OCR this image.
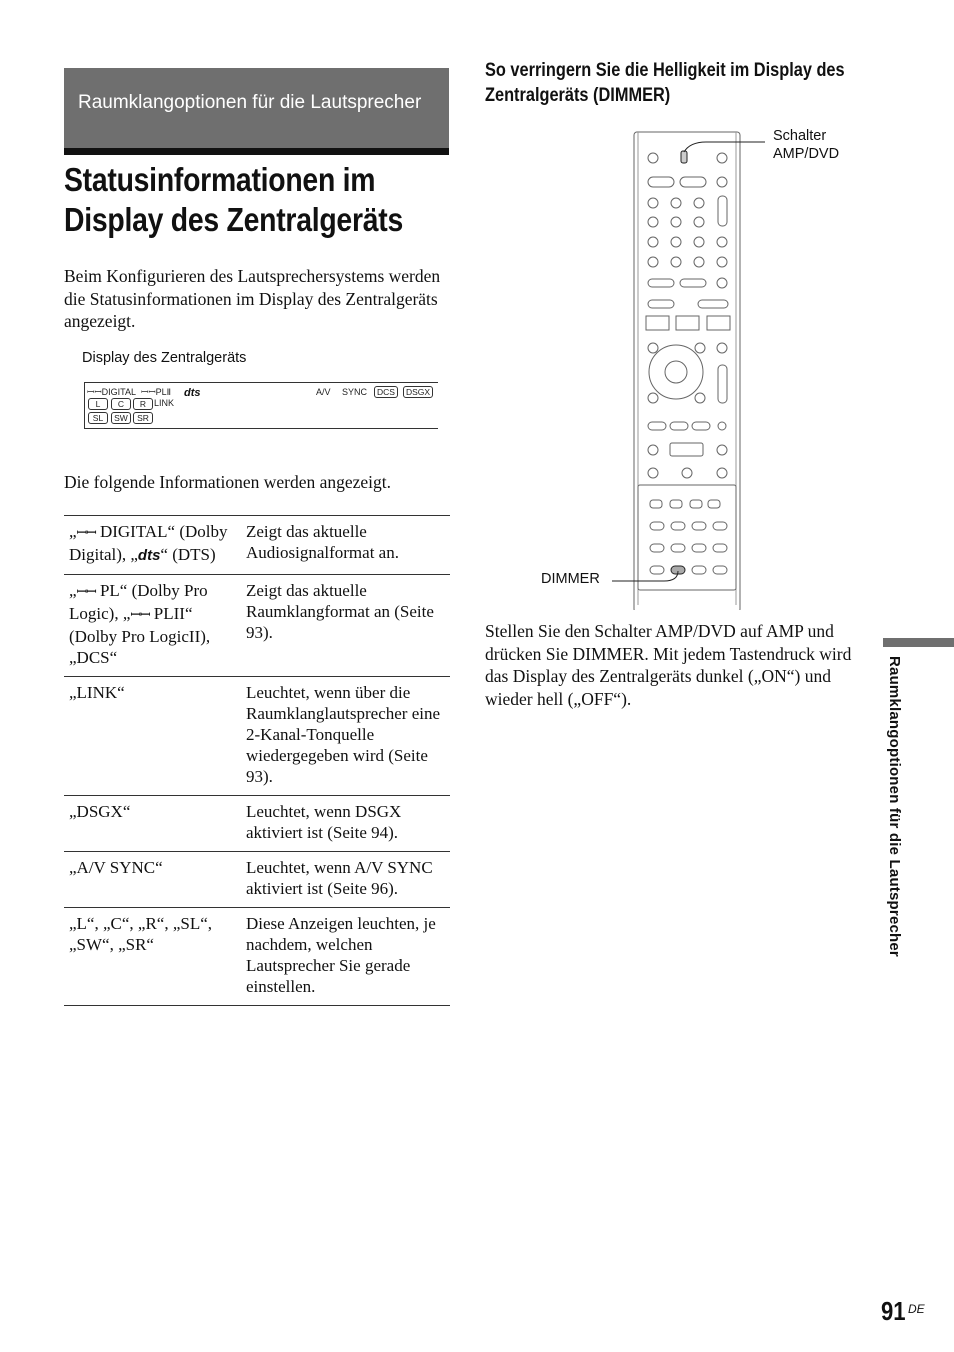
Raumklangoptionen für die Lautsprecher
Statusinformationen im Display des Zentralgeräts

Beim Konfigurieren des Lautsprechersystems werden die Statusinformationen im Display des Zentralgeräts angezeigt.

Display des Zentralgeräts
ꟷꟷDIGITAL ꟷꟷPLⅡ dts
LINK
A/V SYNC	DCS	DSGX
L	C	R
SL	SW	SR

Die folgende Informationen werden angezeigt.

„ꟷꟷ DIGITAL“ (Dolby Digital), „dts“ (DTS)	Zeigt das aktuelle Audiosignalformat an.
„ꟷꟷ PL“ (Dolby Pro Logic), „ꟷꟷ PLII“ (Dolby Pro LogicII), „DCS“	Zeigt das aktuelle Raumklangformat an (Seite 93).
„LINK“	Leuchtet, wenn über die Raumklanglautsprecher eine 2-Kanal-Tonquelle wiedergegeben wird (Seite 93).
„DSGX“	Leuchtet, wenn DSGX aktiviert ist (Seite 94).
„A/V SYNC“	Leuchtet, wenn A/V SYNC aktiviert ist (Seite 96).
„L“, „C“, „R“, „SL“, „SW“, „SR“	Diese Anzeigen leuchten, je nachdem, welchen Lautsprecher Sie gerade einstellen.
So verringern Sie die Helligkeit im Display des Zentralgeräts (DIMMER)
Schalter
AMP/DVD
DIMMER

Stellen Sie den Schalter AMP/DVD auf AMP und drücken Sie DIMMER. Mit jedem Tastendruck wird das Display des Zentralgeräts dunkel („ON“) und wieder hell („OFF“).	Raumklangoptionen für die Lautsprecher
91 DE
